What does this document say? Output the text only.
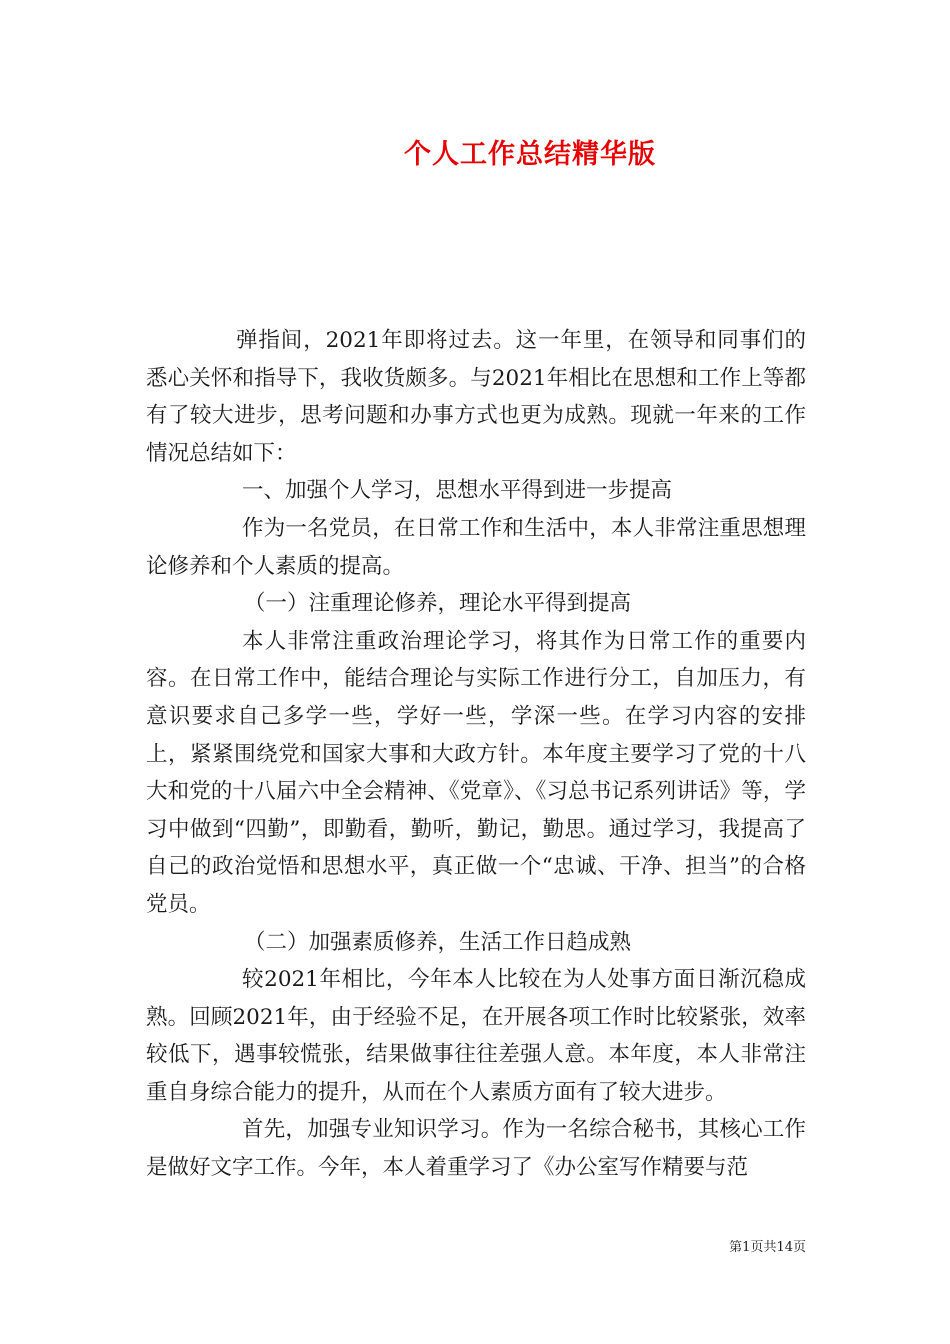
个人工作总结精华版

弹指间，2021年即将过去。这一年里，在领导和同事们的悉心关怀和指导下，我收货颇多。与2021年相比在思想和工作上等都有了较大进步，思考问题和办事方式也更为成熟。现就一年来的工作情况总结如下：

一、加强个人学习，思想水平得到进一步提高

作为一名党员，在日常工作和生活中，本人非常注重思想理论修养和个人素质的提高。

（一）注重理论修养，理论水平得到提高

本人非常注重政治理论学习，将其作为日常工作的重要内容。在日常工作中，能结合理论与实际工作进行分工，自加压力，有意识要求自己多学一些，学好一些，学深一些。在学习内容的安排上，紧紧围绕党和国家大事和大政方针。本年度主要学习了党的十八大和党的十八届六中全会精神、《党章》、《习总书记系列讲话》等，学习中做到“四勤”，即勤看，勤听，勤记，勤思。通过学习，我提高了自己的政治觉悟和思想水平，真正做一个“忠诚、干净、担当”的合格党员。

（二）加强素质修养，生活工作日趋成熟

较2021年相比，今年本人比较在为人处事方面日渐沉稳成熟。回顾2021年，由于经验不足，在开展各项工作时比较紧张，效率较低下，遇事较慌张，结果做事往往差强人意。本年度，本人非常注重自身综合能力的提升，从而在个人素质方面有了较大进步。

首先，加强专业知识学习。作为一名综合秘书，其核心工作是做好文字工作。今年，本人着重学习了《办公室写作精要与范

第1页共14页
